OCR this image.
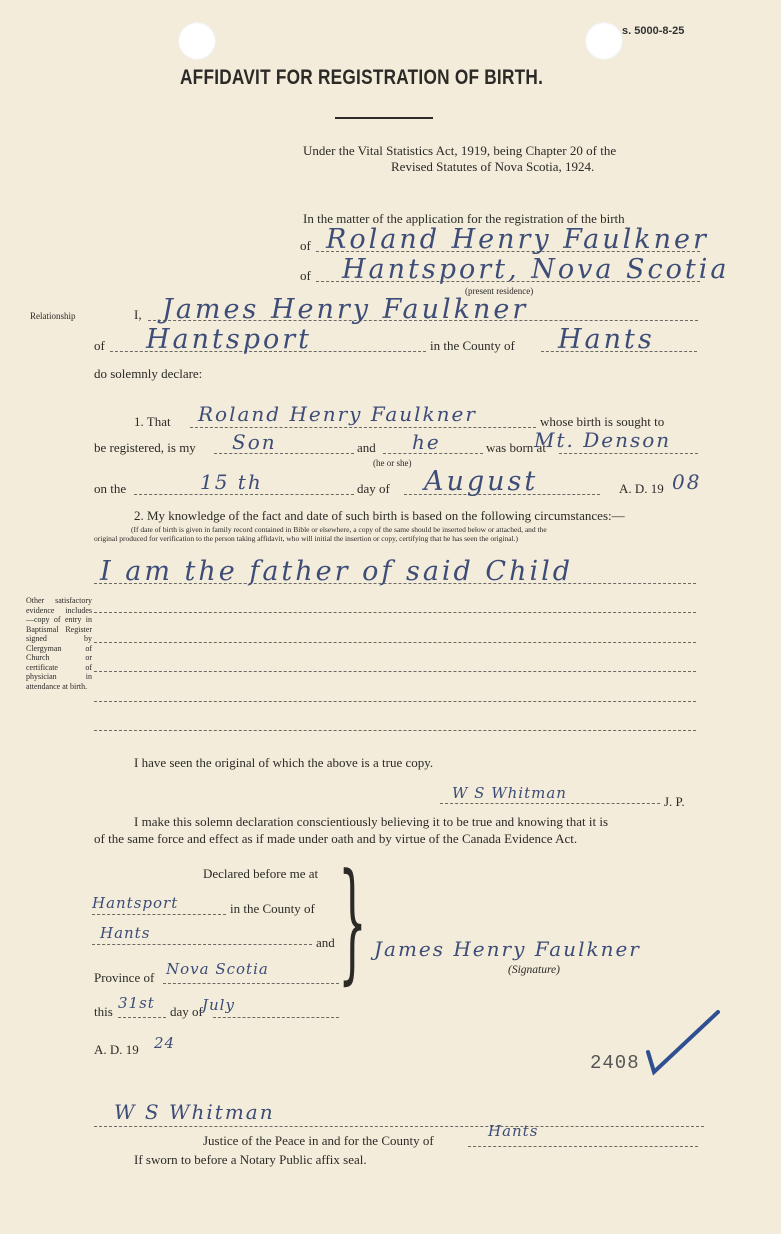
s. 5000-8-25
AFFIDAVIT FOR REGISTRATION OF BIRTH.
Under the Vital Statistics Act, 1919, being Chapter 20 of the
Revised Statutes of Nova Scotia, 1924.
In the matter of the application for the registration of the birth
of Roland Henry Faulkner
of Hantsport, Nova Scotia
(present residence)
Relationship	I, James Henry Faulkner
of Hantsport	in the County of Hants
do solemnly declare:
1. That Roland Henry Faulkner	whose birth is sought to
be registered, is my Son	and he
(he or she)
was born at
Mt. Denson
on the	15 th	day of August	A. D. 19 08
2. My knowledge of the fact and date of such birth is based on the following circumstances:—
(If date of birth is given in family record contained in Bible or elsewhere, a copy of the same should be inserted below or attached, and the
original produced for verification to the person taking affidavit, who will initial the insertion or copy, certifying that he has seen the original.)
I am the father of said Child
Other satisfactory evidence includes —copy of entry in Baptismal Register signed by Clergyman of Church or certificate of physician in attendance at birth.
I have seen the original of which the above is a true copy.
W S Whitman	J. P.
I make this solemn declaration conscientiously believing it to be true and knowing that it is
of the same force and effect as if made under oath and by virtue of the Canada Evidence Act.
Declared before me at
Hantsport	in the County of
Hants
and
Province of Nova Scotia
this 31st day of July
A. D. 19 24
} James Henry Faulkner
(Signature)
2408
W S Whitman
Justice of the Peace in and for the County of
Hants
If sworn to before a Notary Public affix seal.
